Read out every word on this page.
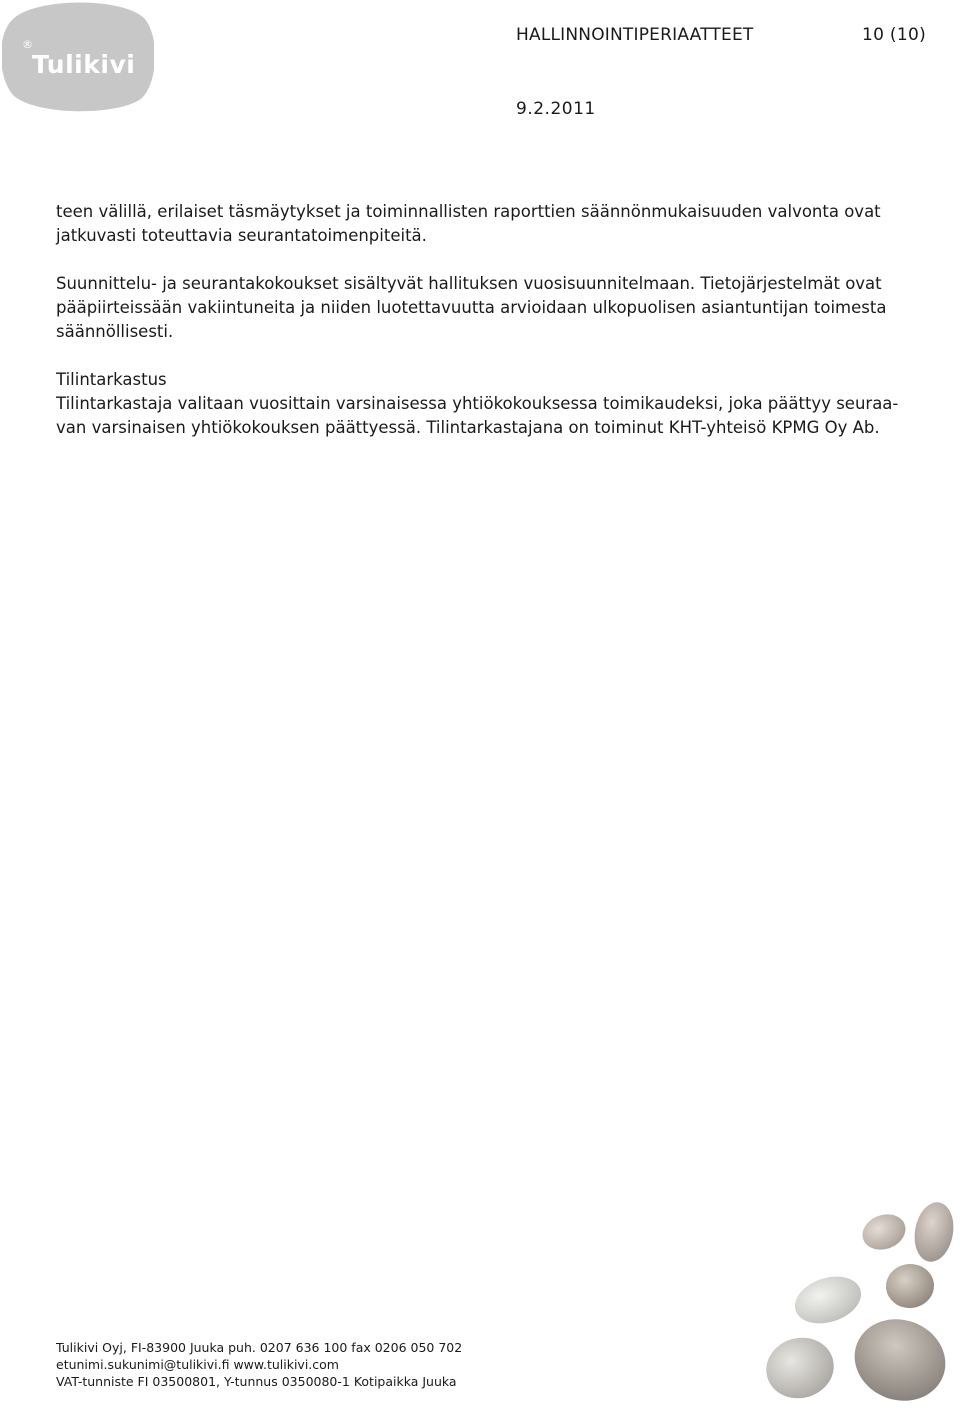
®
Tulikivi
HALLINNOINTIPERIAATTEET	10 (10)
9.2.2011

teen välillä, erilaiset täsmäytykset ja toiminnallisten raporttien säännönmukaisuuden valvonta ovat

jatkuvasti toteuttavia seurantatoimenpiteitä.

Suunnittelu- ja seurantakokoukset sisältyvät hallituksen vuosisuunnitelmaan. Tietojärjestelmät ovat

pääpiirteissään vakiintuneita ja niiden luotettavuutta arvioidaan ulkopuolisen asiantuntijan toimesta

säännöllisesti.

Tilintarkastus

Tilintarkastaja valitaan vuosittain varsinaisessa yhtiökokouksessa toimikaudeksi, joka päättyy seuraa-

van varsinaisen yhtiökokouksen päättyessä. Tilintarkastajana on toiminut KHT-yhteisö KPMG Oy Ab.

Tulikivi Oyj, FI-83900 Juuka puh. 0207 636 100 fax 0206 050 702
etunimi.sukunimi@tulikivi.fi www.tulikivi.com
VAT-tunniste FI 03500801, Y-tunnus 0350080-1 Kotipaikka Juuka
